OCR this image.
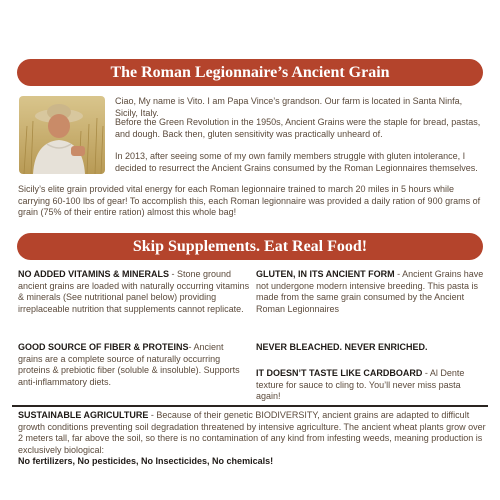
The Roman Legionnaire’s Ancient Grain
Ciao, My name is Vito. I am Papa Vince’s grandson. Our farm is located in Santa Ninfa, Sicily, Italy.
Before the Green Revolution in the 1950s, Ancient Grains were the staple for bread, pastas, and dough. Back then, gluten sensitivity was practically unheard of.
In 2013, after seeing some of my own family members struggle with gluten intolerance, I decided to resurrect the Ancient Grains consumed by the Roman Legionnaires themselves.
Sicily’s elite grain provided vital energy for each Roman legionnaire trained to march 20 miles in 5 hours while carrying 60-100 lbs of gear! To accomplish this, each Roman legionnaire was provided a daily ration of 900 grams of grain (75% of their entire ration) almost this whole bag!
Skip Supplements. Eat Real Food!
NO ADDED VITAMINS & MINERALS - Stone ground ancient grains are loaded with naturally occurring vitamins & minerals (See nutritional panel below) providing irreplaceable nutrition that supplements cannot replicate.
GOOD SOURCE OF FIBER & PROTEINS- Ancient grains are a complete source of naturally occurring proteins & prebiotic fiber (soluble & insoluble). Supports anti-inflammatory diets.
GLUTEN, IN ITS ANCIENT FORM - Ancient Grains have not undergone modern intensive breeding. This pasta is made from the same grain consumed by the Ancient Roman Legionnaires
NEVER BLEACHED. NEVER ENRICHED.
IT DOESN’T TASTE LIKE CARDBOARD - Al Dente texture for sauce to cling to. You’ll never miss pasta again!
SUSTAINABLE AGRICULTURE - Because of their genetic BIODIVERSITY, ancient grains are adapted to difficult growth conditions preventing soil degradation threatened by intensive agriculture. The ancient wheat plants grow over 2 meters tall, far above the soil, so there is no contamination of any kind from infesting weeds, meaning production is exclusively biological:
No fertilizers, No pesticides, No Insecticides, No chemicals!
